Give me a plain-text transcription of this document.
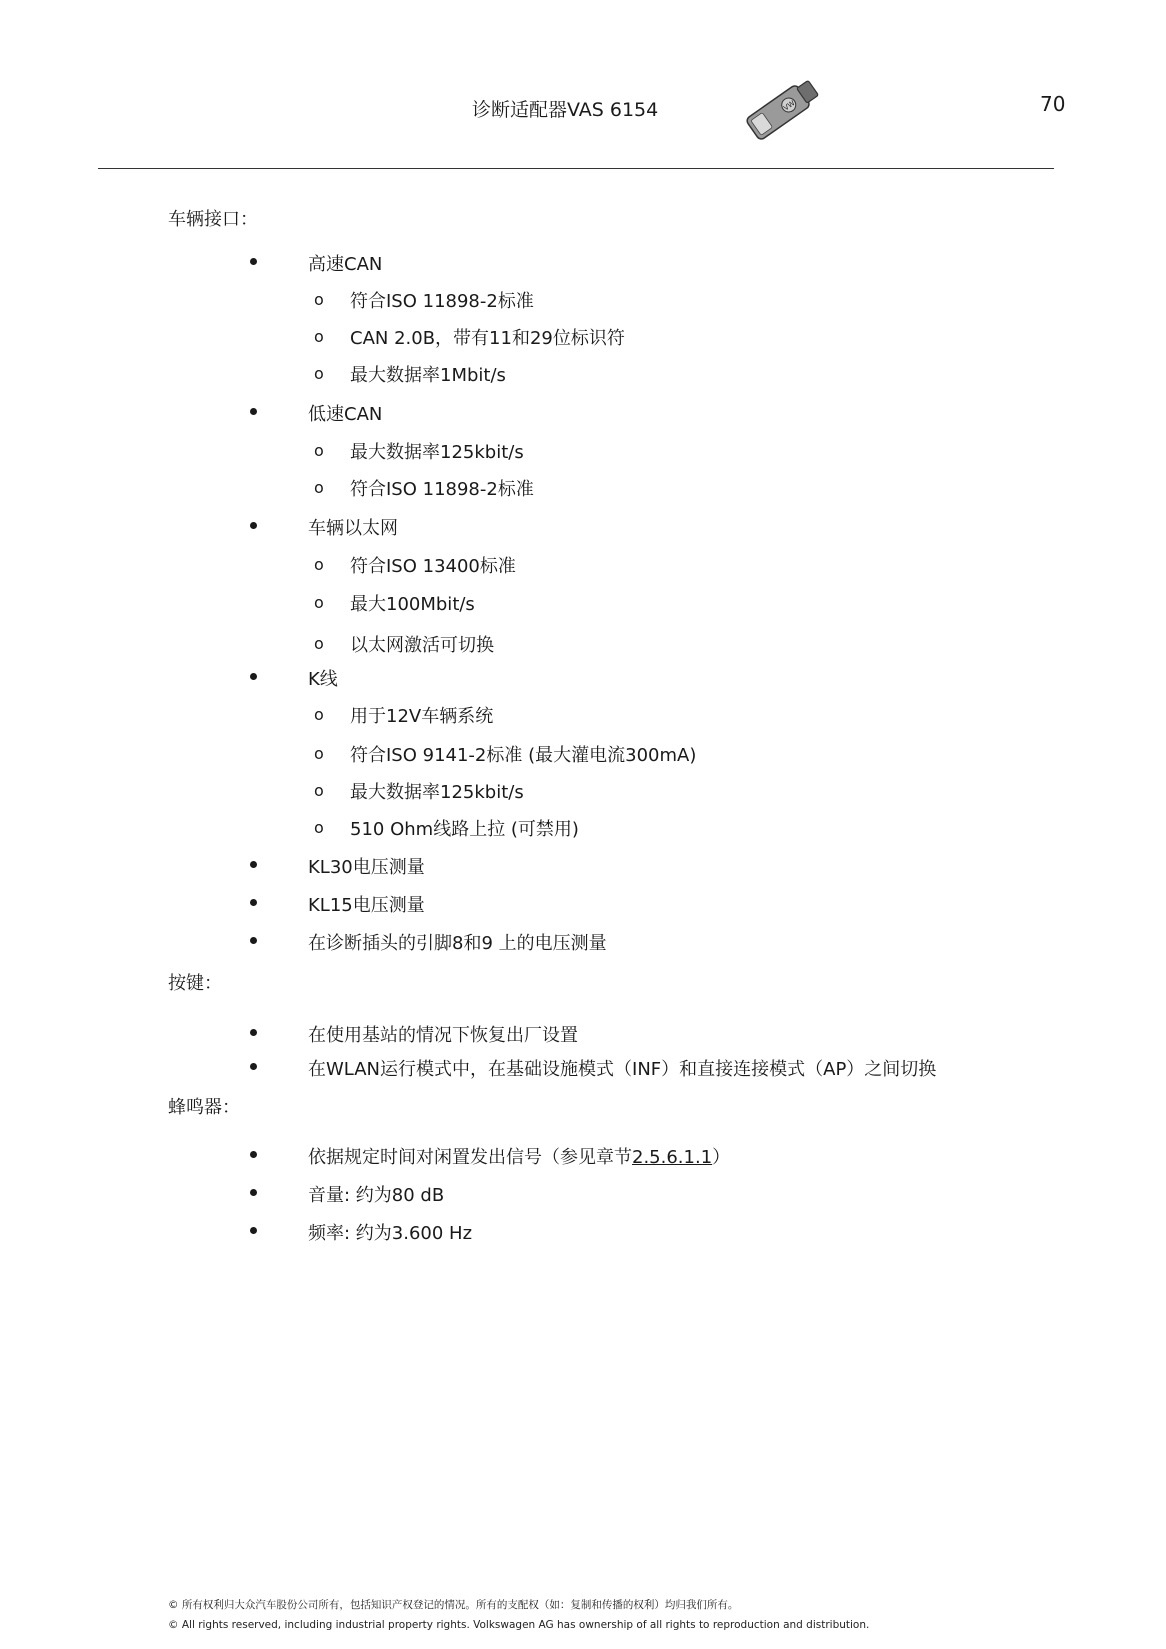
诊断适配器VAS 6154	VW	70
车辆接口：
高速CAN
o 符合ISO 11898-2标准
o CAN 2.0B，带有11和29位标识符
o 最大数据率1Mbit/s
低速CAN
o 最大数据率125kbit/s
o 符合ISO 11898-2标准
车辆以太网
o 符合ISO 13400标准
o 最大100Mbit/s
o 以太网激活可切换
K线
o 用于12V车辆系统
o 符合ISO 9141-2标准 (最大灌电流300mA)
o 最大数据率125kbit/s
o 510 Ohm线路上拉 (可禁用)
KL30电压测量
KL15电压测量
在诊断插头的引脚8和9 上的电压测量
按键：
在使用基站的情况下恢复出厂设置
在WLAN运行模式中，在基础设施模式（INF）和直接连接模式（AP）之间切换
蜂鸣器：
依据规定时间对闲置发出信号（参见章节2.5.6.1.1）
音量: 约为80 dB
频率: 约为3.600 Hz
© 所有权利归大众汽车股份公司所有，包括知识产权登记的情况。所有的支配权（如：复制和传播的权利）均归我们所有。
© All rights reserved, including industrial property rights. Volkswagen AG has ownership of all rights to reproduction and distribution.
